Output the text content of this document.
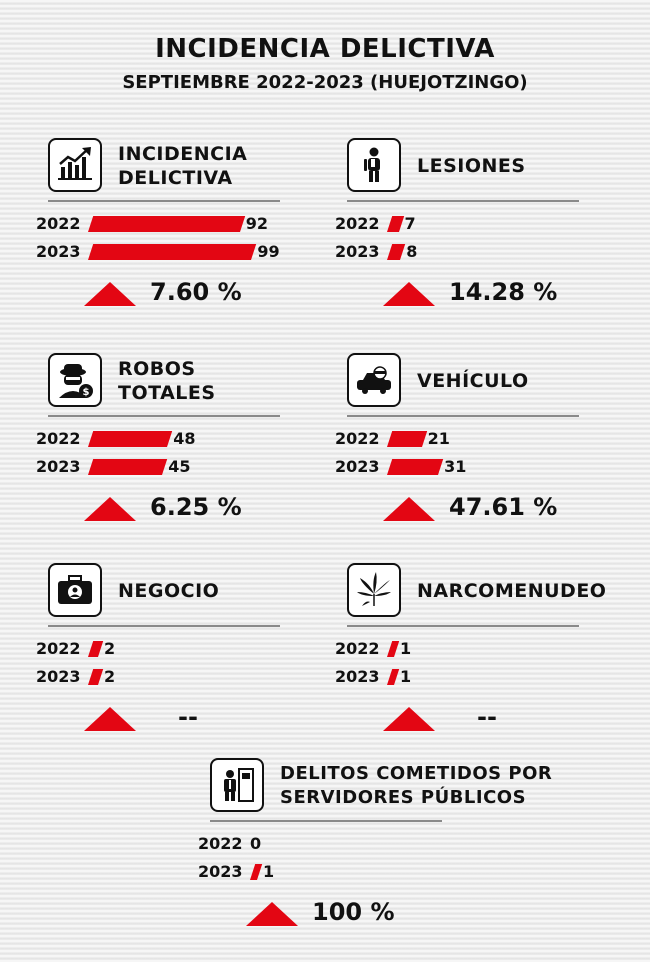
INCIDENCIA DELICTIVA
SEPTIEMBRE 2022-2023 (HUEJOTZINGO)
INCIDENCIA
DELICTIVA
2022	92
2023	99
7.60 %
LESIONES
2022 7
2023 8
14.28 %
$
ROBOS
TOTALES
2022	48
2023	45
6.25 %
VEHÍCULO
2022	21
2023	31
47.61 %
NEGOCIO
2022 2
2023 2
--
NARCOMENUDEO
2022 1
2023 1
--
DELITOS COMETIDOS POR
SERVIDORES PÚBLICOS
2022 0
2023 1
100 %
